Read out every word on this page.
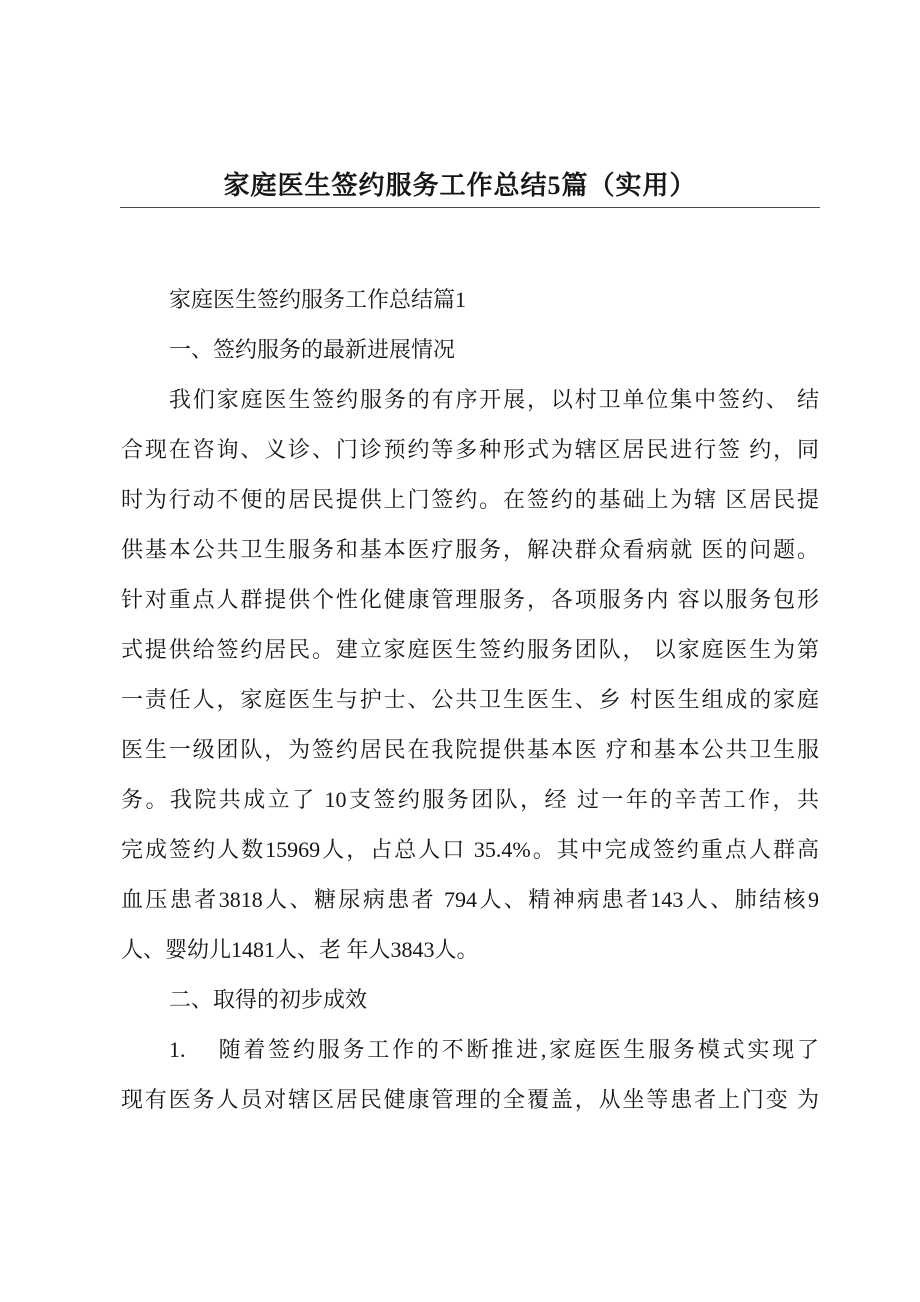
家庭医生签约服务工作总结5篇（实用）
家庭医生签约服务工作总结篇1
一、签约服务的最新进展情况
我们家庭医生签约服务的有序开展，以村卫单位集中签约、 结
合现在咨询、义诊、门诊预约等多种形式为辖区居民进行签 约，同
时为行动不便的居民提供上门签约。在签约的基础上为辖 区居民提
供基本公共卫生服务和基本医疗服务，解决群众看病就 医的问题。
针对重点人群提供个性化健康管理服务，各项服务内 容以服务包形
式提供给签约居民。建立家庭医生签约服务团队， 以家庭医生为第
一责任人，家庭医生与护士、公共卫生医生、乡 村医生组成的家庭
医生一级团队，为签约居民在我院提供基本医 疗和基本公共卫生服
务。我院共成立了 10支签约服务团队，经 过一年的辛苦工作，共
完成签约人数15969人，占总人口 35.4%。其中完成签约重点人群高
血压患者3818人、糖尿病患者 794人、精神病患者143人、肺结核9
人、婴幼儿1481人、老 年人3843人。
二、取得的初步成效
1.    随着签约服务工作的不断推进,家庭医生服务模式实现了
现有医务人员对辖区居民健康管理的全覆盖，从坐等患者上门变 为
